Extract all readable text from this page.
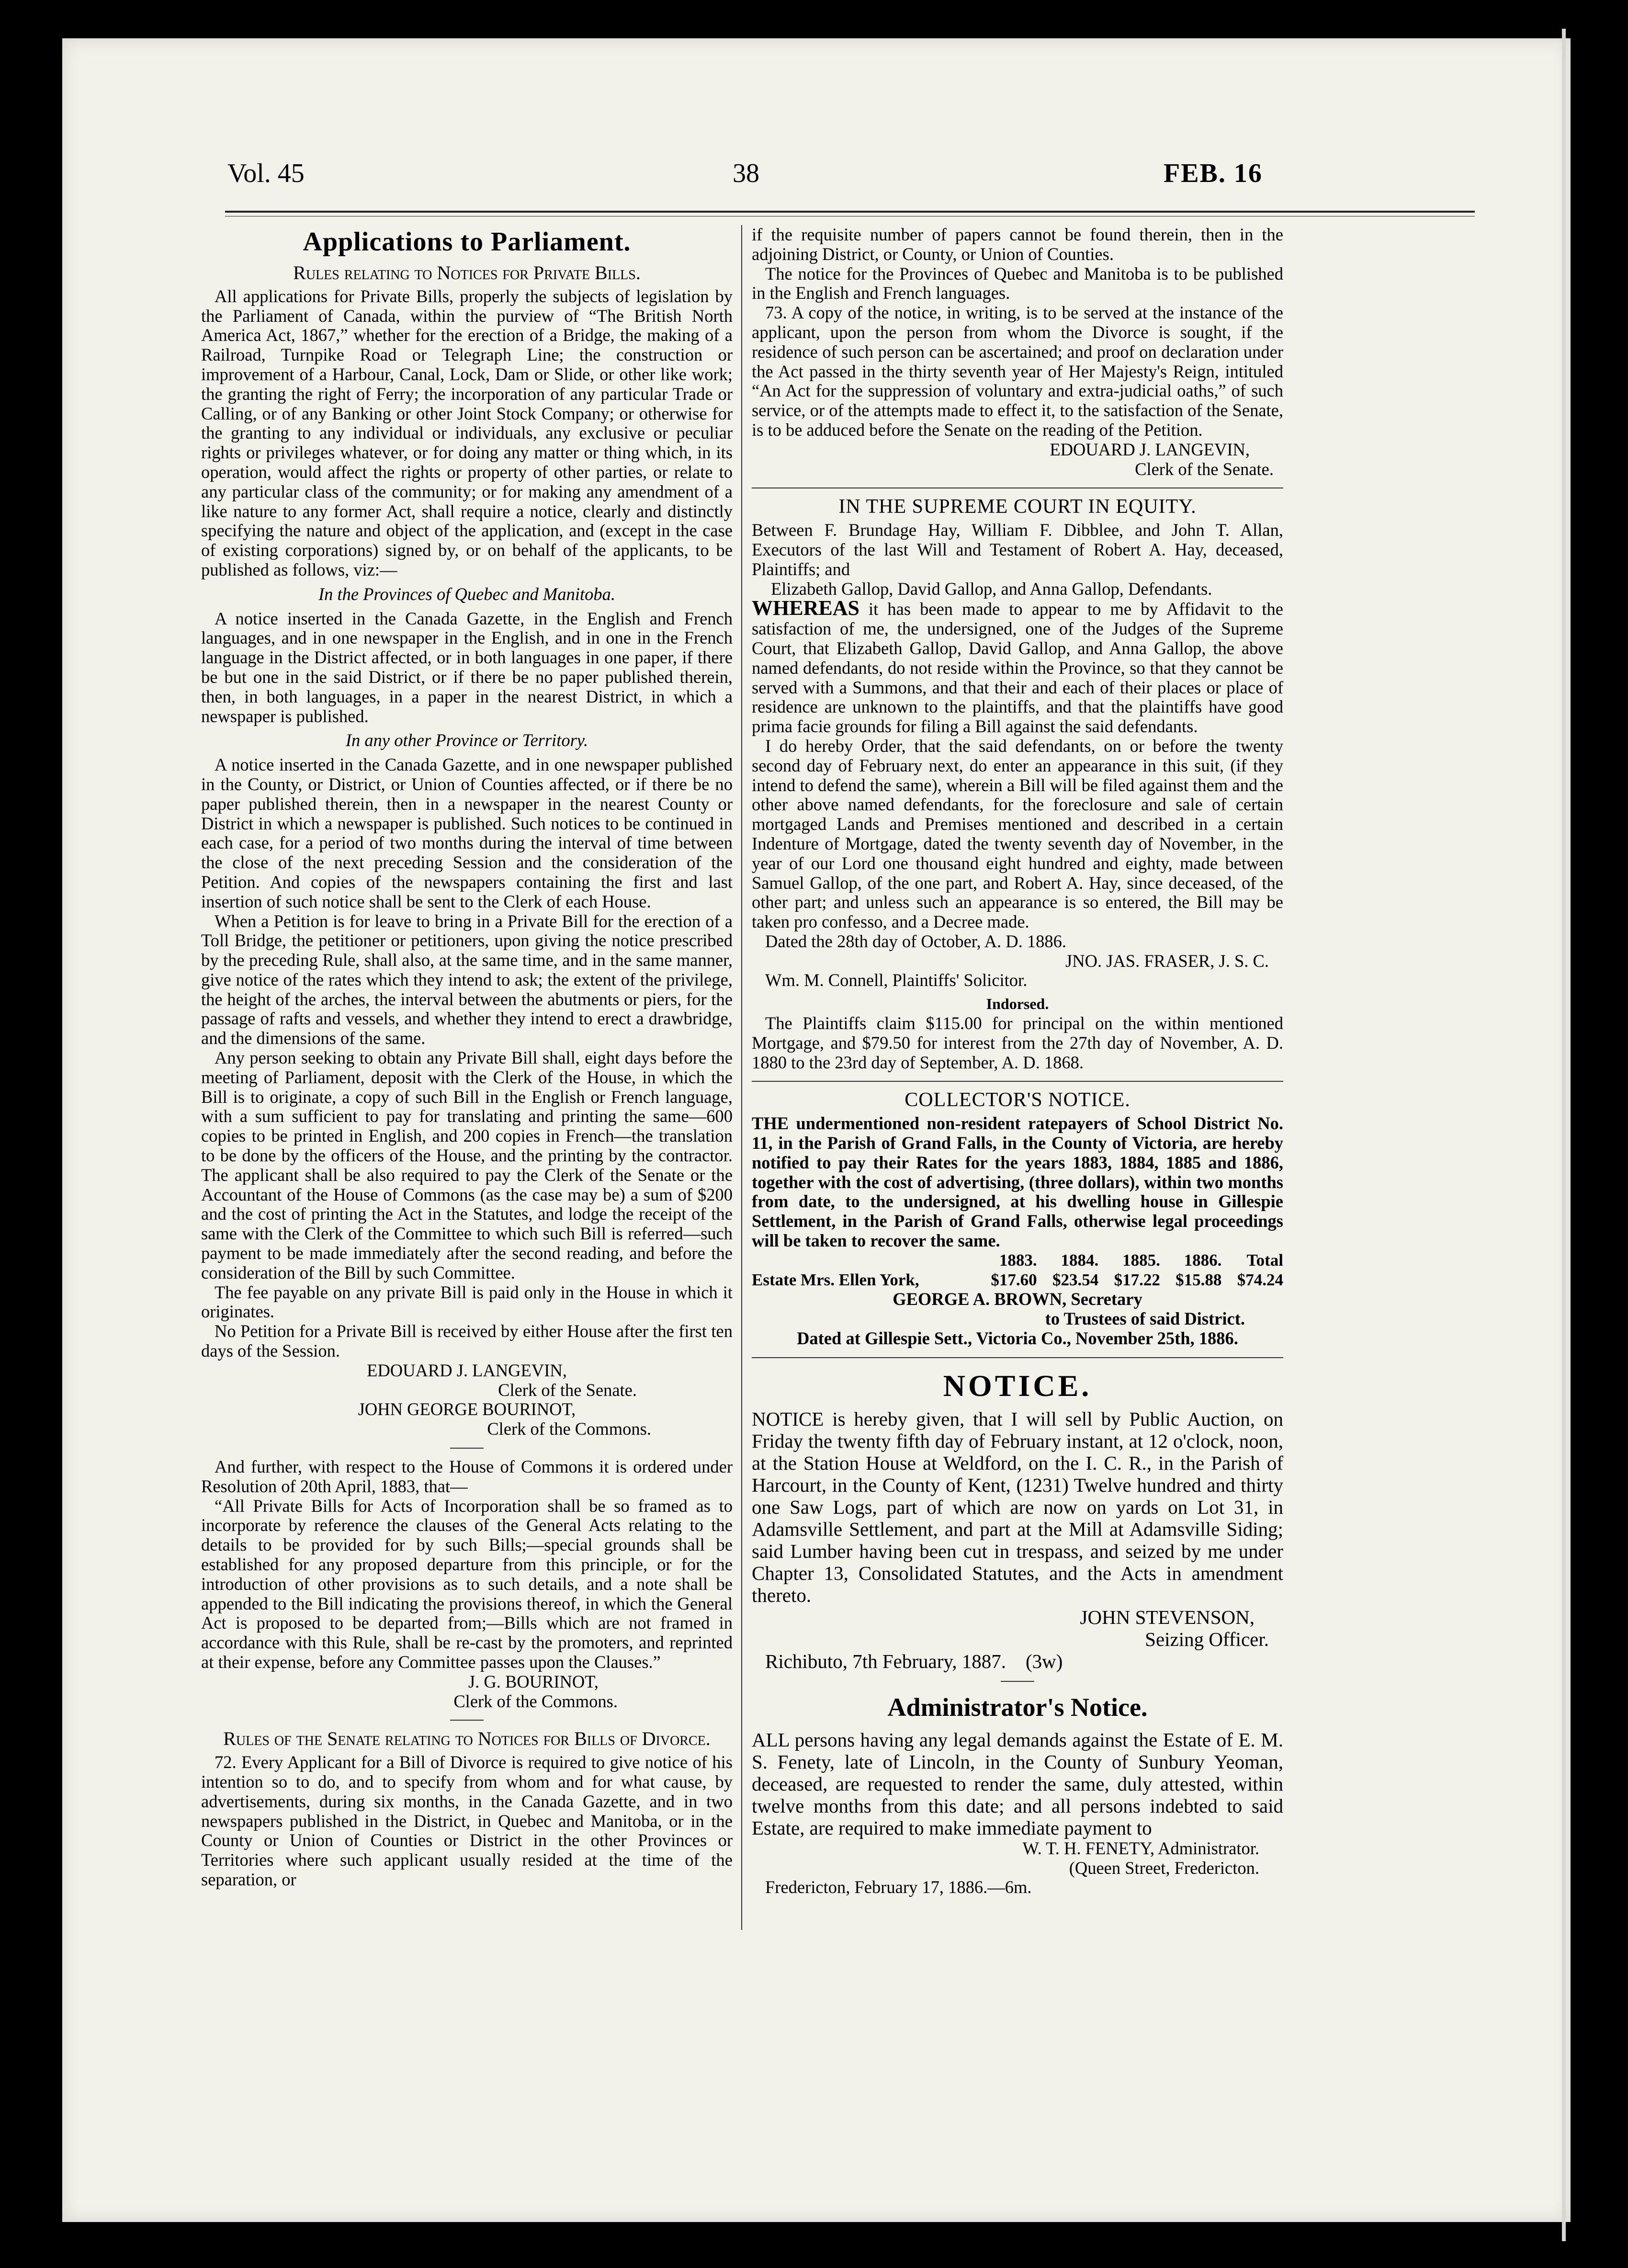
Vol. 45	38	FEB. 16
Applications to Parliament.

Rules relating to Notices for Private Bills.

All applications for Private Bills, properly the subjects of legislation by the Parliament of Canada, within the purview of “The British North America Act, 1867,” whether for the erection of a Bridge, the making of a Railroad, Turnpike Road or Telegraph Line; the construction or improvement of a Harbour, Canal, Lock, Dam or Slide, or other like work; the granting the right of Ferry; the incorporation of any particular Trade or Calling, or of any Banking or other Joint Stock Company; or otherwise for the granting to any individual or individuals, any exclusive or peculiar rights or privileges whatever, or for doing any matter or thing which, in its operation, would affect the rights or property of other parties, or relate to any particular class of the community; or for making any amendment of a like nature to any former Act, shall require a notice, clearly and distinctly specifying the nature and object of the application, and (except in the case of existing corporations) signed by, or on behalf of the applicants, to be published as follows, viz:—

In the Provinces of Quebec and Manitoba.

A notice inserted in the Canada Gazette, in the English and French languages, and in one newspaper in the English, and in one in the French language in the District affected, or in both languages in one paper, if there be but one in the said District, or if there be no paper published therein, then, in both languages, in a paper in the nearest District, in which a newspaper is published.

In any other Province or Territory.

A notice inserted in the Canada Gazette, and in one newspaper published in the County, or District, or Union of Counties affected, or if there be no paper published therein, then in a newspaper in the nearest County or District in which a newspaper is published. Such notices to be continued in each case, for a period of two months during the interval of time between the close of the next preceding Session and the consideration of the Petition. And copies of the newspapers containing the first and last insertion of such notice shall be sent to the Clerk of each House.

When a Petition is for leave to bring in a Private Bill for the erection of a Toll Bridge, the petitioner or petitioners, upon giving the notice prescribed by the preceding Rule, shall also, at the same time, and in the same manner, give notice of the rates which they intend to ask; the extent of the privilege, the height of the arches, the interval between the abutments or piers, for the passage of rafts and vessels, and whether they intend to erect a drawbridge, and the dimensions of the same.

Any person seeking to obtain any Private Bill shall, eight days before the meeting of Parliament, deposit with the Clerk of the House, in which the Bill is to originate, a copy of such Bill in the English or French language, with a sum sufficient to pay for translating and printing the same—600 copies to be printed in English, and 200 copies in French—the translation to be done by the officers of the House, and the printing by the contractor. The applicant shall be also required to pay the Clerk of the Senate or the Accountant of the House of Commons (as the case may be) a sum of $200 and the cost of printing the Act in the Statutes, and lodge the receipt of the same with the Clerk of the Committee to which such Bill is referred—such payment to be made immediately after the second reading, and before the consideration of the Bill by such Committee.

The fee payable on any private Bill is paid only in the House in which it originates.

No Petition for a Private Bill is received by either House after the first ten days of the Session.

EDOUARD J. LANGEVIN,

Clerk of the Senate.

JOHN GEORGE BOURINOT,

Clerk of the Commons.

And further, with respect to the House of Commons it is ordered under Resolution of 20th April, 1883, that—

“All Private Bills for Acts of Incorporation shall be so framed as to incorporate by reference the clauses of the General Acts relating to the details to be provided for by such Bills;—special grounds shall be established for any proposed departure from this principle, or for the introduction of other provisions as to such details, and a note shall be appended to the Bill indicating the provisions thereof, in which the General Act is proposed to be departed from;—Bills which are not framed in accordance with this Rule, shall be re-cast by the promoters, and reprinted at their expense, before any Committee passes upon the Clauses.”

J. G. BOURINOT,

Clerk of the Commons.

Rules of the Senate relating to Notices for Bills of Divorce.

72. Every Applicant for a Bill of Divorce is required to give notice of his intention so to do, and to specify from whom and for what cause, by advertisements, during six months, in the Canada Gazette, and in two newspapers published in the District, in Quebec and Manitoba, or in the County or Union of Counties or District in the other Provinces or Territories where such applicant usually resided at the time of the separation, or

if the requisite number of papers cannot be found therein, then in the adjoining District, or County, or Union of Counties.

The notice for the Provinces of Quebec and Manitoba is to be published in the English and French languages.

73. A copy of the notice, in writing, is to be served at the instance of the applicant, upon the person from whom the Divorce is sought, if the residence of such person can be ascertained; and proof on declaration under the Act passed in the thirty seventh year of Her Majesty's Reign, intituled “An Act for the suppression of voluntary and extra-judicial oaths,” of such service, or of the attempts made to effect it, to the satisfaction of the Senate, is to be adduced before the Senate on the reading of the Petition.

EDOUARD J. LANGEVIN,

Clerk of the Senate.

IN THE SUPREME COURT IN EQUITY.

Between F. Brundage Hay, William F. Dibblee, and John T. Allan, Executors of the last Will and Testament of Robert A. Hay, deceased, Plaintiffs; and

Elizabeth Gallop, David Gallop, and Anna Gallop, Defendants.

WHEREAS it has been made to appear to me by Affidavit to the satisfaction of me, the undersigned, one of the Judges of the Supreme Court, that Elizabeth Gallop, David Gallop, and Anna Gallop, the above named defendants, do not reside within the Province, so that they cannot be served with a Summons, and that their and each of their places or place of residence are unknown to the plaintiffs, and that the plaintiffs have good prima facie grounds for filing a Bill against the said defendants.

I do hereby Order, that the said defendants, on or before the twenty second day of February next, do enter an appearance in this suit, (if they intend to defend the same), wherein a Bill will be filed against them and the other above named defendants, for the foreclosure and sale of certain mortgaged Lands and Premises mentioned and described in a certain Indenture of Mortgage, dated the twenty seventh day of November, in the year of our Lord one thousand eight hundred and eighty, made between Samuel Gallop, of the one part, and Robert A. Hay, since deceased, of the other part; and unless such an appearance is so entered, the Bill may be taken pro confesso, and a Decree made.

Dated the 28th day of October, A. D. 1886.

JNO. JAS. FRASER, J. S. C.

Wm. M. Connell, Plaintiffs' Solicitor.

Indorsed.

The Plaintiffs claim $115.00 for principal on the within mentioned Mortgage, and $79.50 for interest from the 27th day of November, A. D. 1880 to the 23rd day of September, A. D. 1868.

COLLECTOR'S NOTICE.

THE undermentioned non-resident ratepayers of School District No. 11, in the Parish of Grand Falls, in the County of Victoria, are hereby notified to pay their Rates for the years 1883, 1884, 1885 and 1886, together with the cost of advertising, (three dollars), within two months from date, to the undersigned, at his dwelling house in Gillespie Settlement, in the Parish of Grand Falls, otherwise legal proceedings will be taken to recover the same.

	1883.	1884.	1885.	1886.	Total
Estate Mrs. Ellen York,	$17.60	$23.54	$17.22	$15.88	$74.24

GEORGE A. BROWN, Secretary

to Trustees of said District.

Dated at Gillespie Sett., Victoria Co., November 25th, 1886.

NOTICE.

NOTICE is hereby given, that I will sell by Public Auction, on Friday the twenty fifth day of February instant, at 12 o'clock, noon, at the Station House at Weldford, on the I. C. R., in the Parish of Harcourt, in the County of Kent, (1231) Twelve hundred and thirty one Saw Logs, part of which are now on yards on Lot 31, in Adamsville Settlement, and part at the Mill at Adamsville Siding; said Lumber having been cut in trespass, and seized by me under Chapter 13, Consolidated Statutes, and the Acts in amendment thereto.

JOHN STEVENSON,

Seizing Officer.

Richibuto, 7th February, 1887.    (3w)

Administrator's Notice.

ALL persons having any legal demands against the Estate of E. M. S. Fenety, late of Lincoln, in the County of Sunbury Yeoman, deceased, are requested to render the same, duly attested, within twelve months from this date; and all persons indebted to said Estate, are required to make immediate payment to

W. T. H. FENETY, Administrator.

(Queen Street, Fredericton.

Fredericton, February 17, 1886.—6m.
